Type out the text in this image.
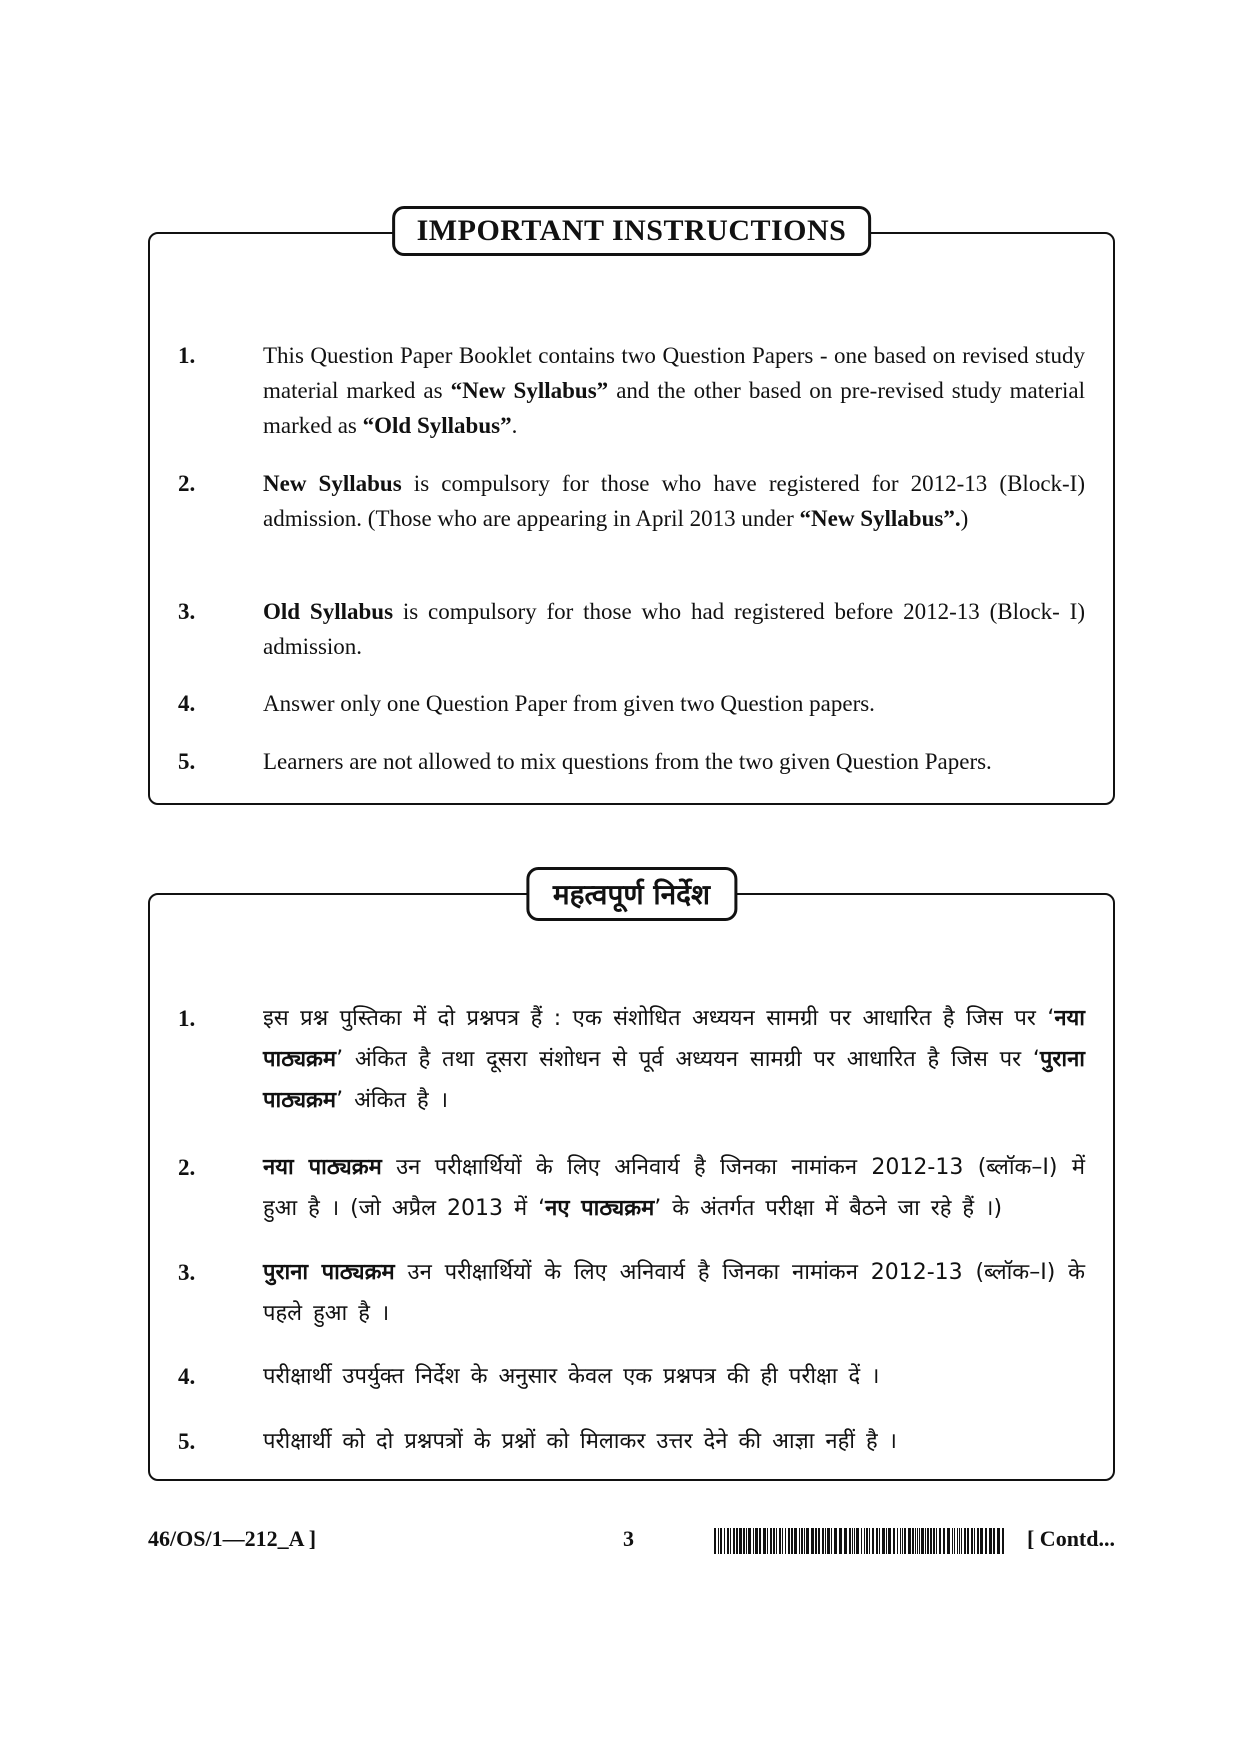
IMPORTANT INSTRUCTIONS
1.	This Question Paper Booklet contains two Question Papers - one based on revised study material marked as “New Syllabus” and the other based on pre-revised study material marked as “Old Syllabus”.
2.	New Syllabus is compulsory for those who have registered for 2012-13 (Block-I) admission. (Those who are appearing in April 2013 under “New Syllabus”.)
3.	Old Syllabus is compulsory for those who had registered before 2012-13 (Block- I) admission.
4.	Answer only one Question Paper from given two Question papers.
5.	Learners are not allowed to mix questions from the two given Question Papers.
महत्वपूर्ण निर्देश
1.	इस प्रश्न पुस्तिका में दो प्रश्नपत्र हैं : एक संशोधित अध्ययन सामग्री पर आधारित है जिस पर ‘नया पाठ्यक्रम’ अंकित है तथा दूसरा संशोधन से पूर्व अध्ययन सामग्री पर आधारित है जिस पर ‘पुराना पाठ्यक्रम’ अंकित है ।
2.	नया पाठ्यक्रम उन परीक्षार्थियों के लिए अनिवार्य है जिनका नामांकन 2012-13 (ब्लॉक–I) में हुआ है । (जो अप्रैल 2013 में ‘नए पाठ्यक्रम’ के अंतर्गत परीक्षा में बैठने जा रहे हैं ।)
3.	पुराना पाठ्यक्रम उन परीक्षार्थियों के लिए अनिवार्य है जिनका नामांकन 2012-13 (ब्लॉक–I) के पहले हुआ है ।
4.	परीक्षार्थी उपर्युक्त निर्देश के अनुसार केवल एक प्रश्नपत्र की ही परीक्षा दें ।
5.	परीक्षार्थी को दो प्रश्नपत्रों के प्रश्नों को मिलाकर उत्तर देने की आज्ञा नहीं है ।
46/OS/1—212_A ]	3	[ Contd...
